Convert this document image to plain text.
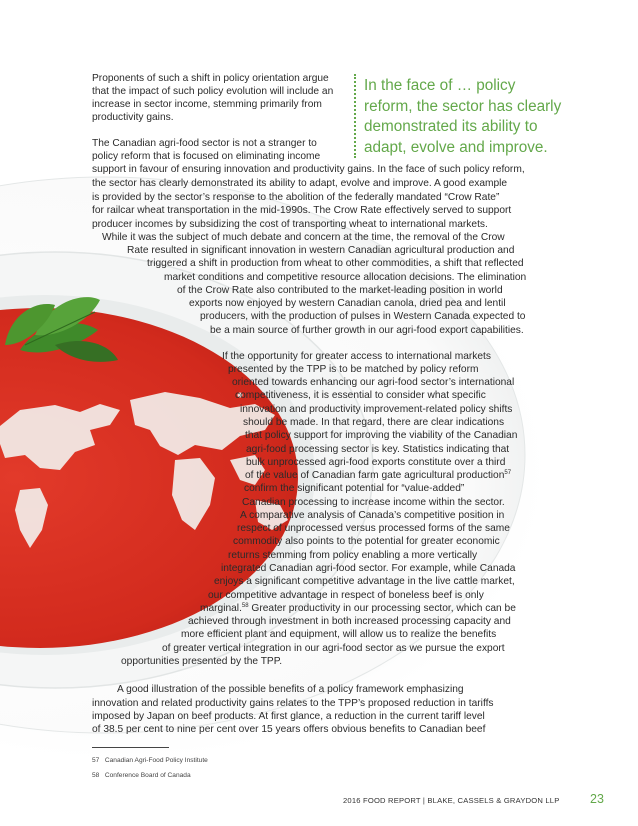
In the face of … policy
reform, the sector has clearly
demonstrated its ability to
adapt, evolve and improve.

Proponents of such a shift in policy orientation argue

that the impact of such policy evolution will include an

increase in sector income, stemming primarily from

productivity gains.

The Canadian agri-food sector is not a stranger to

policy reform that is focused on eliminating income

support in favour of ensuring innovation and productivity gains. In the face of such policy reform,

the sector has clearly demonstrated its ability to adapt, evolve and improve. A good example

is provided by the sector’s response to the abolition of the federally mandated “Crow Rate”

for railcar wheat transportation in the mid-1990s. The Crow Rate effectively served to support

producer incomes by subsidizing the cost of transporting wheat to international markets.

While it was the subject of much debate and concern at the time, the removal of the Crow

Rate resulted in significant innovation in western Canadian agricultural production and

triggered a shift in production from wheat to other commodities, a shift that reflected

market conditions and competitive resource allocation decisions. The elimination

of the Crow Rate also contributed to the market-leading position in world

exports now enjoyed by western Canadian canola, dried pea and lentil

producers, with the production of pulses in Western Canada expected to

be a main source of further growth in our agri-food export capabilities.

If the opportunity for greater access to international markets

presented by the TPP is to be matched by policy reform

oriented towards enhancing our agri-food sector’s international

competitiveness, it is essential to consider what specific

innovation and productivity improvement-related policy shifts

should be made. In that regard, there are clear indications

that policy support for improving the viability of the Canadian

agri-food processing sector is key. Statistics indicating that

bulk unprocessed agri-food exports constitute over a third

of the value of Canadian farm gate agricultural production$^{57}$

confirm the significant potential for “value-added”

Canadian processing to increase income within the sector.

A comparative analysis of Canada’s competitive position in

respect of unprocessed versus processed forms of the same

commodity also points to the potential for greater economic

returns stemming from policy enabling a more vertically

integrated Canadian agri-food sector. For example, while Canada

enjoys a significant competitive advantage in the live cattle market,

our competitive advantage in respect of boneless beef is only

marginal.$^{58}$ Greater productivity in our processing sector, which can be

achieved through investment in both increased processing capacity and

more efficient plant and equipment, will allow us to realize the benefits

of greater vertical integration in our agri-food sector as we pursue the export

opportunities presented by the TPP.

A good illustration of the possible benefits of a policy framework emphasizing

innovation and related productivity gains relates to the TPP’s proposed reduction in tariffs

imposed by Japan on beef products. At first glance, a reduction in the current tariff level

of 38.5 per cent to nine per cent over 15 years offers obvious benefits to Canadian beef

57 Canadian Agri-Food Policy Institute
58 Conference Board of Canada
2016 FOOD REPORT | BLAKE, CASSELS & GRAYDON LLP 23
